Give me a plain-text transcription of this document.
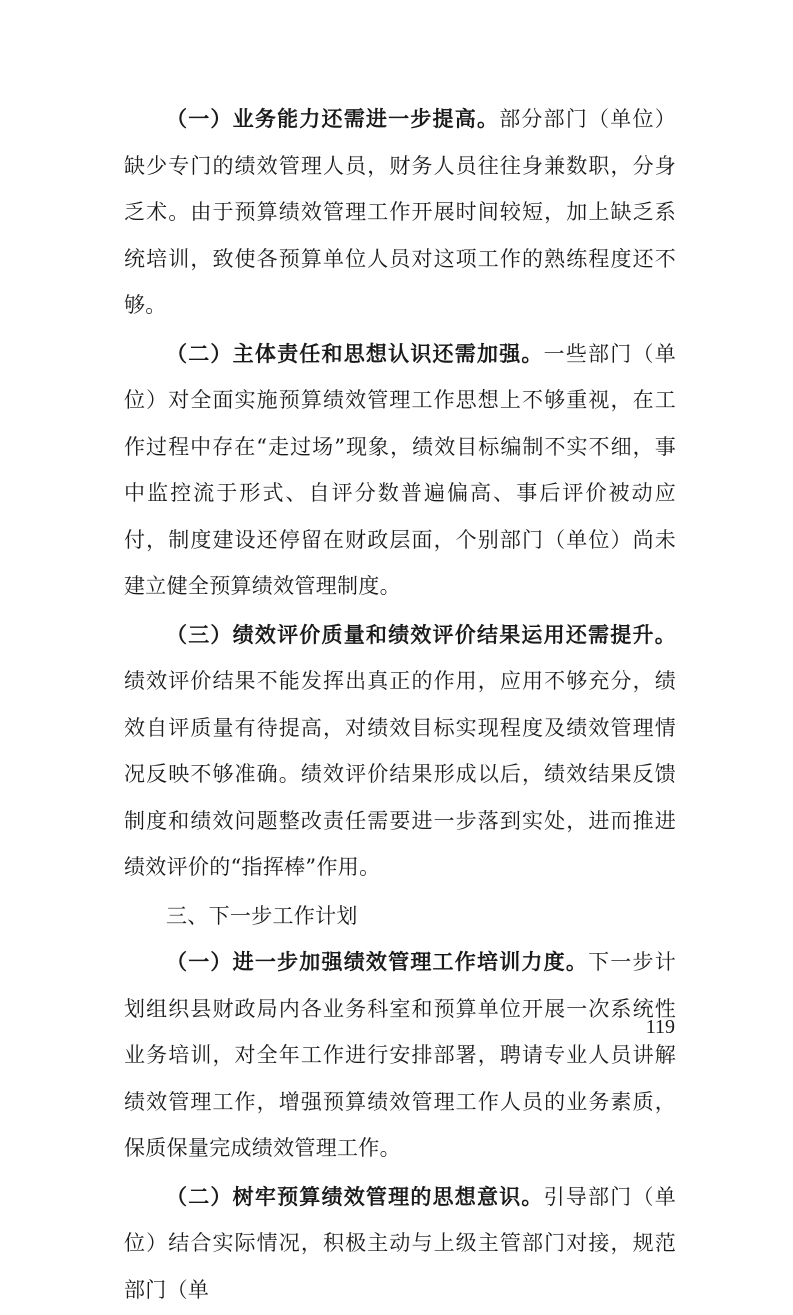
（一）业务能力还需进一步提高。部分部门（单位）缺少专门的绩效管理人员，财务人员往往身兼数职，分身乏术。由于预算绩效管理工作开展时间较短，加上缺乏系统培训，致使各预算单位人员对这项工作的熟练程度还不够。

（二）主体责任和思想认识还需加强。一些部门（单位）对全面实施预算绩效管理工作思想上不够重视，在工作过程中存在“走过场”现象，绩效目标编制不实不细，事中监控流于形式、自评分数普遍偏高、事后评价被动应付，制度建设还停留在财政层面，个别部门（单位）尚未建立健全预算绩效管理制度。

（三）绩效评价质量和绩效评价结果运用还需提升。绩效评价结果不能发挥出真正的作用，应用不够充分，绩效自评质量有待提高，对绩效目标实现程度及绩效管理情况反映不够准确。绩效评价结果形成以后，绩效结果反馈制度和绩效问题整改责任需要进一步落到实处，进而推进绩效评价的“指挥棒”作用。

三、下一步工作计划

（一）进一步加强绩效管理工作培训力度。下一步计划组织县财政局内各业务科室和预算单位开展一次系统性业务培训，对全年工作进行安排部署，聘请专业人员讲解绩效管理工作，增强预算绩效管理工作人员的业务素质，保质保量完成绩效管理工作。

（二）树牢预算绩效管理的思想意识。引导部门（单位）结合实际情况，积极主动与上级主管部门对接，规范部门（单

119
